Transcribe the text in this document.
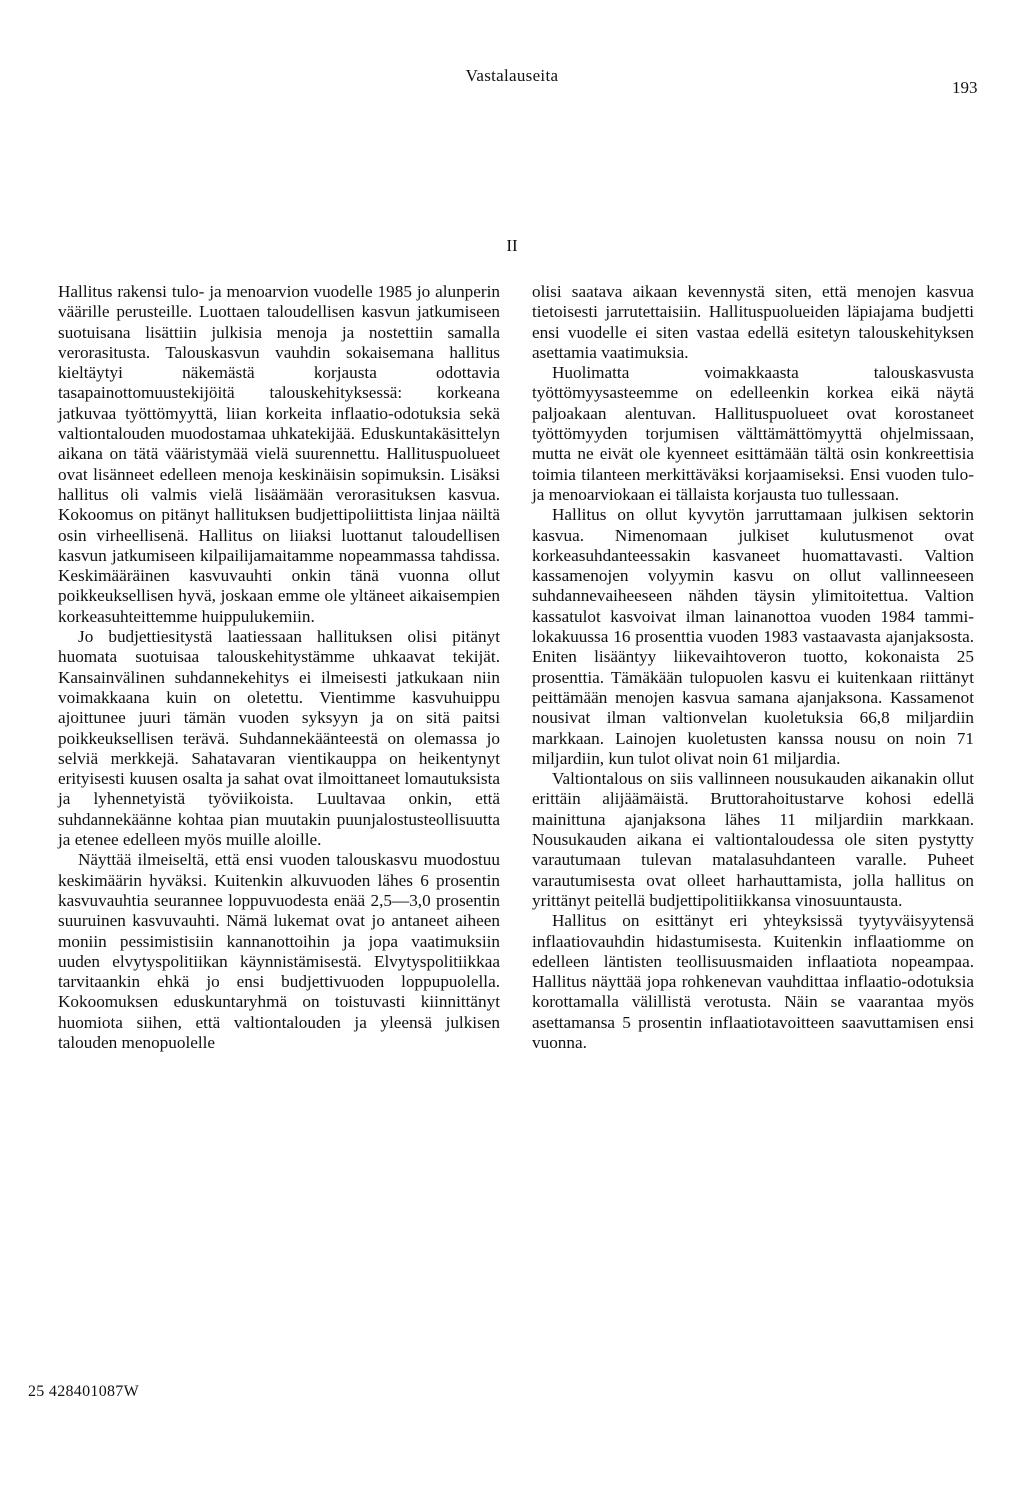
Vastalauseita
193
II

Hallitus rakensi tulo- ja menoarvion vuodelle 1985 jo alunperin väärille perusteille. Luottaen taloudellisen kasvun jatkumiseen suotuisana lisättiin julkisia menoja ja nostettiin samalla verorasitusta. Talouskasvun vauhdin sokaisemana hallitus kieltäytyi näkemästä korjausta odottavia tasapainottomuustekijöitä talouskehityksessä: korkeana jatkuvaa työttömyyttä, liian korkeita inflaatio-odotuksia sekä valtiontalouden muodostamaa uhkatekijää. Eduskuntakäsittelyn aikana on tätä vääristymää vielä suurennettu. Hallituspuolueet ovat lisänneet edelleen menoja keskinäisin sopimuksin. Lisäksi hallitus oli valmis vielä lisäämään verorasituksen kasvua. Kokoomus on pitänyt hallituksen budjettipoliittista linjaa näiltä osin virheellisenä. Hallitus on liiaksi luottanut taloudellisen kasvun jatkumiseen kilpailijamaitamme nopeammassa tahdissa. Keskimääräinen kasvuvauhti onkin tänä vuonna ollut poikkeuksellisen hyvä, joskaan emme ole yltäneet aikaisempien korkeasuhteittemme huippulukemiin.

Jo budjettiesitystä laatiessaan hallituksen olisi pitänyt huomata suotuisaa talouskehitystämme uhkaavat tekijät. Kansainvälinen suhdannekehitys ei ilmeisesti jatkukaan niin voimakkaana kuin on oletettu. Vientimme kasvuhuippu ajoittunee juuri tämän vuoden syksyyn ja on sitä paitsi poikkeuksellisen terävä. Suhdannekäänteestä on olemassa jo selviä merkkejä. Sahatavaran vientikauppa on heikentynyt erityisesti kuusen osalta ja sahat ovat ilmoittaneet lomautuksista ja lyhennetyistä työviikoista. Luultavaa onkin, että suhdannekäänne kohtaa pian muutakin puunjalostusteollisuutta ja etenee edelleen myös muille aloille.

Näyttää ilmeiseltä, että ensi vuoden talouskasvu muodostuu keskimäärin hyväksi. Kuitenkin alkuvuoden lähes 6 prosentin kasvuvauhtia seurannee loppuvuodesta enää 2,5—3,0 prosentin suuruinen kasvuvauhti. Nämä lukemat ovat jo antaneet aiheen moniin pessimistisiin kannanottoihin ja jopa vaatimuksiin uuden elvytyspolitiikan käynnistämisestä. Elvytyspolitiikkaa tarvitaankin ehkä jo ensi budjettivuoden loppupuolella. Kokoomuksen eduskuntaryhmä on toistuvasti kiinnittänyt huomiota siihen, että valtiontalouden ja yleensä julkisen talouden menopuolelle

olisi saatava aikaan kevennystä siten, että menojen kasvua tietoisesti jarrutettaisiin. Hallituspuolueiden läpiajama budjetti ensi vuodelle ei siten vastaa edellä esitetyn talouskehityksen asettamia vaatimuksia.

Huolimatta voimakkaasta talouskasvusta työttömyysasteemme on edelleenkin korkea eikä näytä paljoakaan alentuvan. Hallituspuolueet ovat korostaneet työttömyyden torjumisen välttämättömyyttä ohjelmissaan, mutta ne eivät ole kyenneet esittämään tältä osin konkreettisia toimia tilanteen merkittäväksi korjaamiseksi. Ensi vuoden tulo- ja menoarviokaan ei tällaista korjausta tuo tullessaan.

Hallitus on ollut kyvytön jarruttamaan julkisen sektorin kasvua. Nimenomaan julkiset kulutusmenot ovat korkeasuhdanteessakin kasvaneet huomattavasti. Valtion kassamenojen volyymin kasvu on ollut vallinneeseen suhdannevaiheeseen nähden täysin ylimitoitettua. Valtion kassatulot kasvoivat ilman lainanottoa vuoden 1984 tammi-lokakuussa 16 prosenttia vuoden 1983 vastaavasta ajanjaksosta. Eniten lisääntyy liikevaihtoveron tuotto, kokonaista 25 prosenttia. Tämäkään tulopuolen kasvu ei kuitenkaan riittänyt peittämään menojen kasvua samana ajanjaksona. Kassamenot nousivat ilman valtionvelan kuoletuksia 66,8 miljardiin markkaan. Lainojen kuoletusten kanssa nousu on noin 71 miljardiin, kun tulot olivat noin 61 miljardia.

Valtiontalous on siis vallinneen nousukauden aikanakin ollut erittäin alijäämäistä. Bruttorahoitustarve kohosi edellä mainittuna ajanjaksona lähes 11 miljardiin markkaan. Nousukauden aikana ei valtiontaloudessa ole siten pystytty varautumaan tulevan matalasuhdanteen varalle. Puheet varautumisesta ovat olleet harhauttamista, jolla hallitus on yrittänyt peitellä budjettipolitiikkansa vinosuuntausta.

Hallitus on esittänyt eri yhteyksissä tyytyväisyytensä inflaatiovauhdin hidastumisesta. Kuitenkin inflaatiomme on edelleen läntisten teollisuusmaiden inflaatiota nopeampaa. Hallitus näyttää jopa rohkenevan vauhdittaa inflaatio-odotuksia korottamalla välillistä verotusta. Näin se vaarantaa myös asettamansa 5 prosentin inflaatiotavoitteen saavuttamisen ensi vuonna.

25 428401087W
